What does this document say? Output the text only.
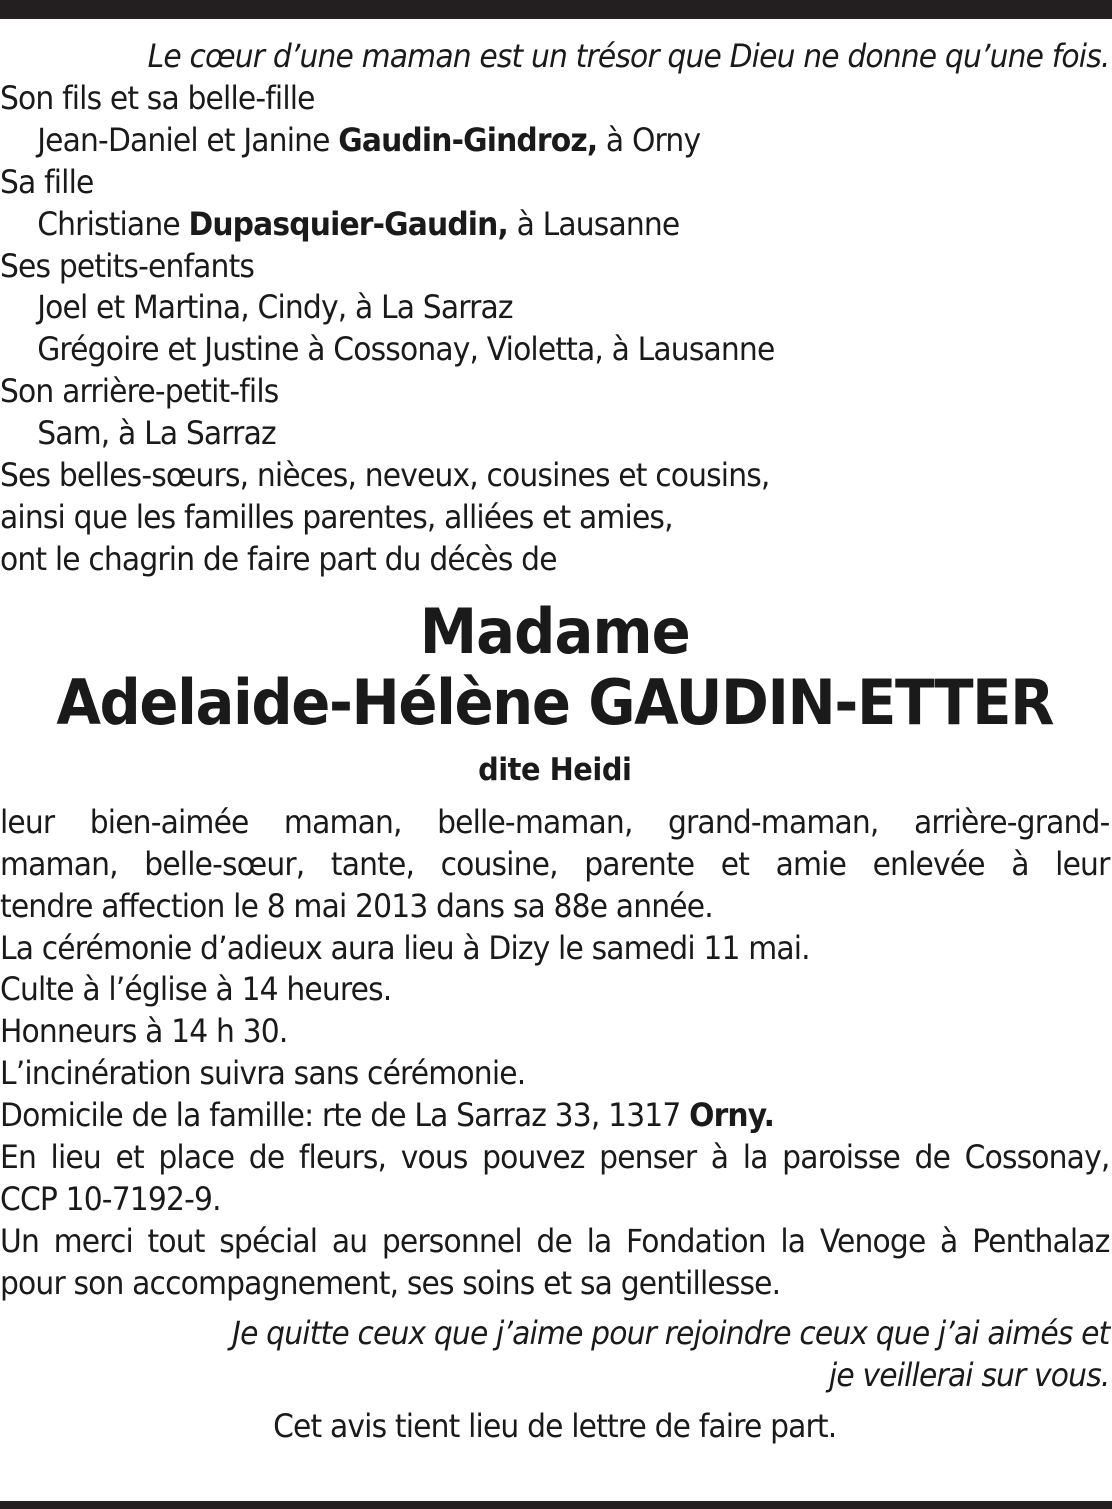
Le cœur d’une maman est un trésor que Dieu ne donne qu’une fois.
Son fils et sa belle-fille
Jean-Daniel et Janine Gaudin-Gindroz, à Orny
Sa fille
Christiane Dupasquier-Gaudin, à Lausanne
Ses petits-enfants
Joel et Martina, Cindy, à La Sarraz
Grégoire et Justine à Cossonay, Violetta, à Lausanne
Son arrière-petit-fils
Sam, à La Sarraz
Ses belles-sœurs, nièces, neveux, cousines et cousins,
ainsi que les familles parentes, alliées et amies,
ont le chagrin de faire part du décès de
Madame
Adelaide-Hélène GAUDIN-ETTER
dite Heidi
leur bien-aimée maman, belle-maman, grand-maman, arrière-grand-
maman, belle-sœur, tante, cousine, parente et amie enlevée à leur
tendre affection le 8 mai 2013 dans sa 88e année.
La cérémonie d’adieux aura lieu à Dizy le samedi 11 mai.
Culte à l’église à 14 heures.
Honneurs à 14 h 30.
L’incinération suivra sans cérémonie.
Domicile de la famille: rte de La Sarraz 33, 1317 Orny.
En lieu et place de fleurs, vous pouvez penser à la paroisse de Cossonay,
CCP 10-7192-9.
Un merci tout spécial au personnel de la Fondation la Venoge à Penthalaz
pour son accompagnement, ses soins et sa gentillesse.
Je quitte ceux que j’aime pour rejoindre ceux que j’ai aimés et
je veillerai sur vous.
Cet avis tient lieu de lettre de faire part.
